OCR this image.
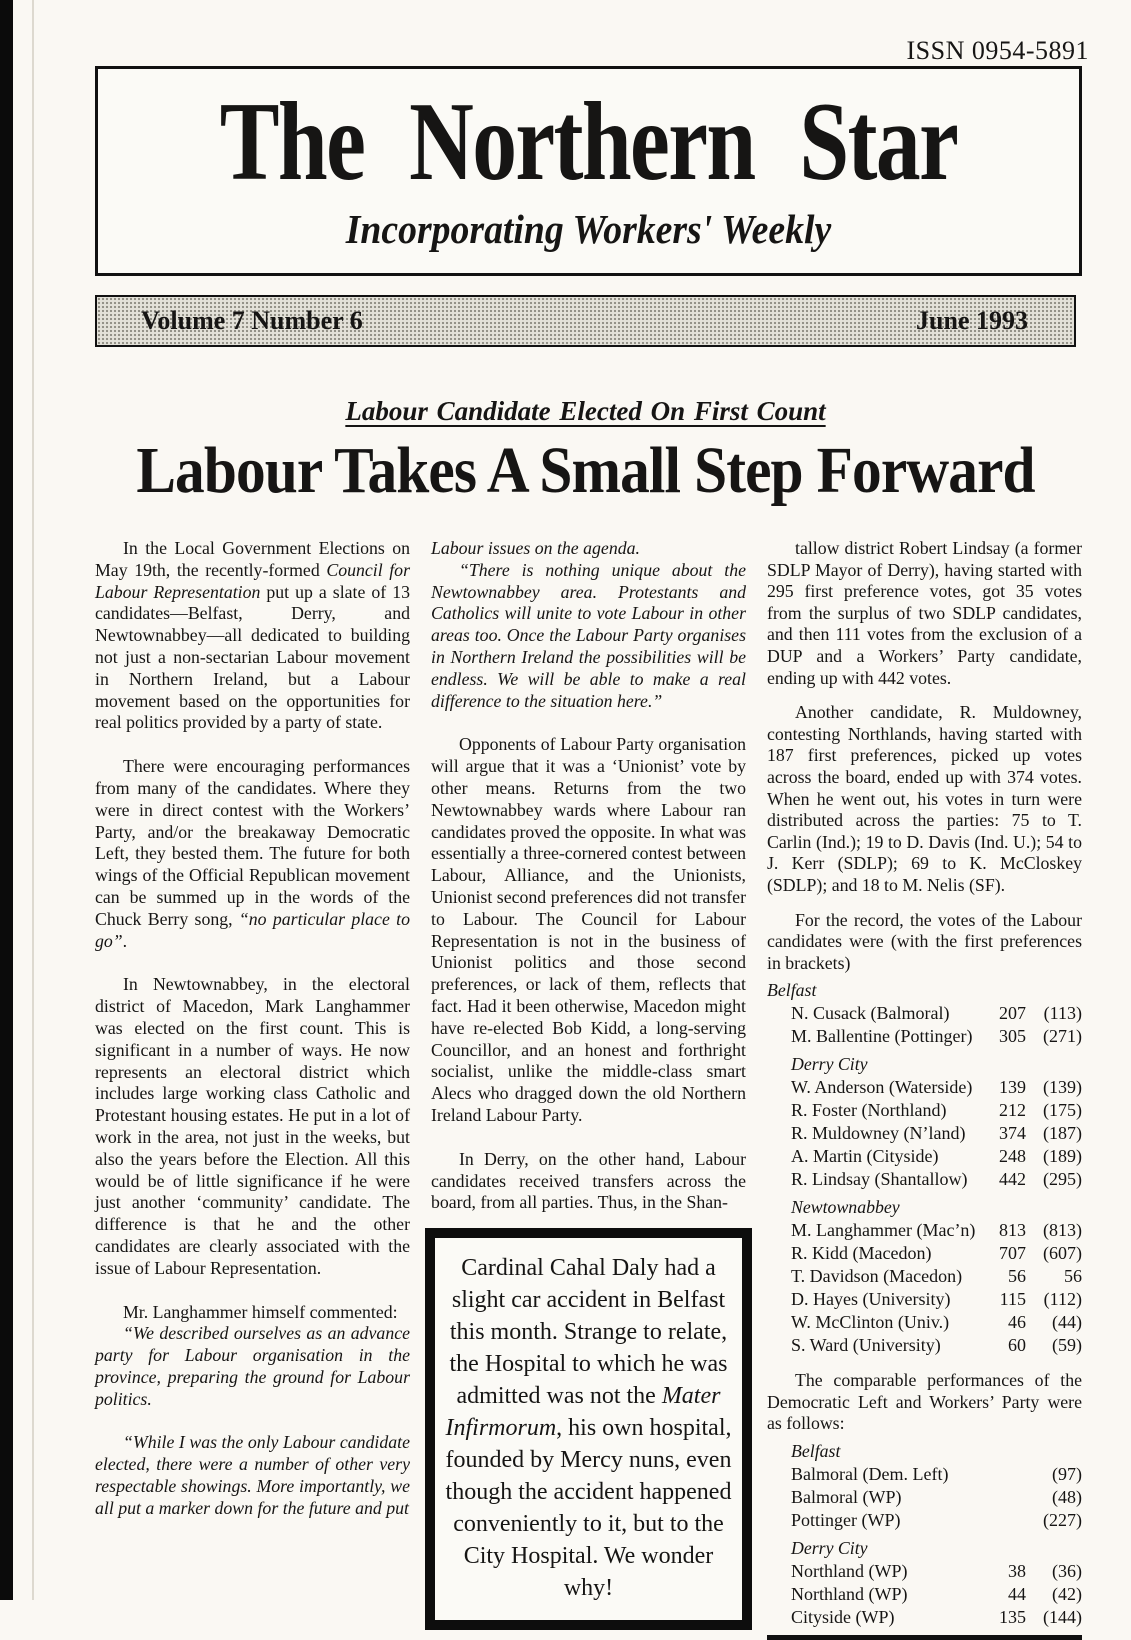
ISSN 0954-5891
The Northern Star
Incorporating Workers' Weekly
Volume 7 Number 6	June 1993
Labour Candidate Elected On First Count
Labour Takes A Small Step Forward

In the Local Government Elections on May 19th, the recently-formed Council for Labour Representation put up a slate of 13 candidates—Belfast, Derry, and Newtownabbey—all dedicated to building not just a non-sectarian Labour movement in Northern Ireland, but a Labour movement based on the opportunities for real politics provided by a party of state.

There were encouraging performances from many of the candidates. Where they were in direct contest with the Workers’ Party, and/or the breakaway Democratic Left, they bested them. The future for both wings of the Official Republican movement can be summed up in the words of the Chuck Berry song, “no particular place to go”.

In Newtownabbey, in the electoral district of Macedon, Mark Langhammer was elected on the first count. This is significant in a number of ways. He now represents an electoral district which includes large working class Catholic and Protestant housing estates. He put in a lot of work in the area, not just in the weeks, but also the years before the Election. All this would be of little significance if he were just another ‘community’ candidate. The difference is that he and the other candidates are clearly associated with the issue of Labour Representation.

Mr. Langhammer himself commented:

“We described ourselves as an advance party for Labour organisation in the province, preparing the ground for Labour politics.

“While I was the only Labour candidate elected, there were a number of other very respectable showings. More importantly, we all put a marker down for the future and put

Labour issues on the agenda.

“There is nothing unique about the Newtownabbey area. Protestants and Catholics will unite to vote Labour in other areas too. Once the Labour Party organises in Northern Ireland the possibilities will be endless. We will be able to make a real difference to the situation here.”

Opponents of Labour Party organisation will argue that it was a ‘Unionist’ vote by other means. Returns from the two Newtownabbey wards where Labour ran candidates proved the opposite. In what was essentially a three-cornered contest between Labour, Alliance, and the Unionists, Unionist second preferences did not transfer to Labour. The Council for Labour Representation is not in the business of Unionist politics and those second preferences, or lack of them, reflects that fact. Had it been otherwise, Macedon might have re-elected Bob Kidd, a long-serving Councillor, and an honest and forthright socialist, unlike the middle-class smart Alecs who dragged down the old Northern Ireland Labour Party.

In Derry, on the other hand, Labour candidates received transfers across the board, from all parties. Thus, in the Shan-

Cardinal Cahal Daly had a slight car accident in Belfast this month. Strange to relate, the Hospital to which he was admitted was not the Mater Infirmorum, his own hospital, founded by Mercy nuns, even though the accident happened conveniently to it, but to the City Hospital. We wonder why!

tallow district Robert Lindsay (a former SDLP Mayor of Derry), having started with 295 first preference votes, got 35 votes from the surplus of two SDLP candidates, and then 111 votes from the exclusion of a DUP and a Workers’ Party candidate, ending up with 442 votes.

Another candidate, R. Muldowney, contesting Northlands, having started with 187 first preferences, picked up votes across the board, ended up with 374 votes. When he went out, his votes in turn were distributed across the parties: 75 to T. Carlin (Ind.); 19 to D. Davis (Ind. U.); 54 to J. Kerr (SDLP); 69 to K. McCloskey (SDLP); and 18 to M. Nelis (SF).

For the record, the votes of the Labour candidates were (with the first preferences in brackets)

Belfast
N. Cusack (Balmoral)	207 (113)
M. Ballentine (Pottinger)	305 (271)
Derry City
W. Anderson (Waterside)	139 (139)
R. Foster (Northland)	212 (175)
R. Muldowney (N’land)	374 (187)
A. Martin (Cityside)	248 (189)
R. Lindsay (Shantallow)	442 (295)
Newtownabbey
M. Langhammer (Mac’n)	813 (813)
R. Kidd (Macedon)	707 (607)
T. Davidson (Macedon)	56	56
D. Hayes (University)	115 (112)
W. McClinton (Univ.)	46	(44)
S. Ward (University)	60	(59)

The comparable performances of the Democratic Left and Workers’ Party were as follows:

Belfast
Balmoral (Dem. Left)	(97)
Balmoral (WP)	(48)
Pottinger (WP)	(227)
Derry City
Northland (WP)	38	(36)
Northland (WP)	44	(42)
Cityside (WP)	135 (144)
